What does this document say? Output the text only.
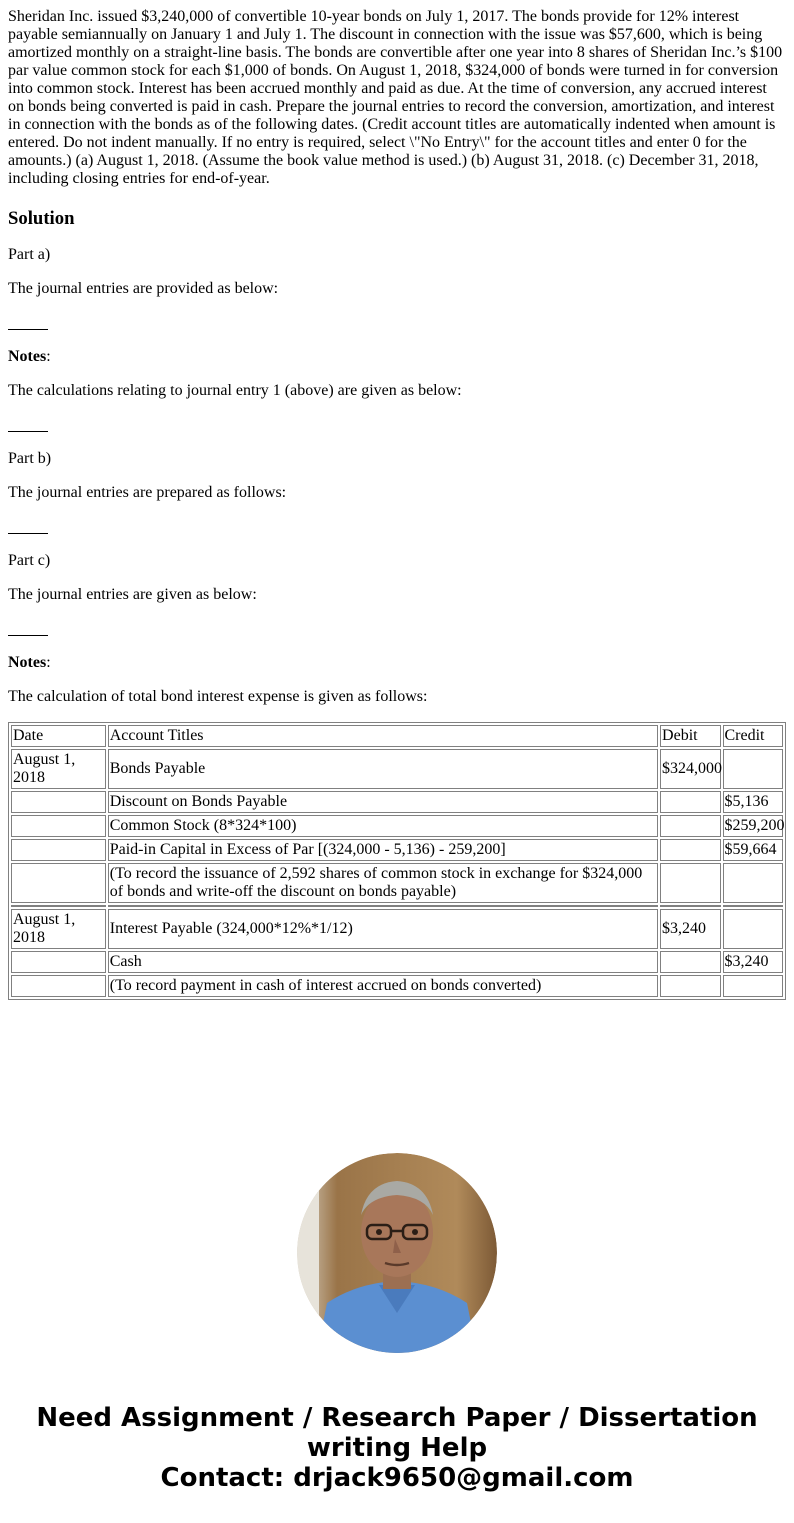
Sheridan Inc. issued $3,240,000 of convertible 10-year bonds on July 1, 2017. The bonds provide for 12% interest payable semiannually on January 1 and July 1. The discount in connection with the issue was $57,600, which is being amortized monthly on a straight-line basis. The bonds are convertible after one year into 8 shares of Sheridan Inc.’s $100 par value common stock for each $1,000 of bonds. On August 1, 2018, $324,000 of bonds were turned in for conversion into common stock. Interest has been accrued monthly and paid as due. At the time of conversion, any accrued interest on bonds being converted is paid in cash. Prepare the journal entries to record the conversion, amortization, and interest in connection with the bonds as of the following dates. (Credit account titles are automatically indented when amount is entered. Do not indent manually. If no entry is required, select \"No Entry\" for the account titles and enter 0 for the amounts.) (a) August 1, 2018. (Assume the book value method is used.) (b) August 31, 2018. (c) December 31, 2018, including closing entries for end-of-year.

Solution

Part a)

The journal entries are provided as below:

Notes:

The calculations relating to journal entry 1 (above) are given as below:

Part b)

The journal entries are prepared as follows:

Part c)

The journal entries are given as below:

Notes:

The calculation of total bond interest expense is given as follows:

Date	Account Titles	Debit	Credit
August 1, 2018	Bonds Payable	$324,000	
	Discount on Bonds Payable		$5,136
	Common Stock (8*324*100)		$259,200
	Paid-in Capital in Excess of Par [(324,000 - 5,136) - 259,200]		$59,664
	(To record the issuance of 2,592 shares of common stock in exchange for $324,000 of bonds and write-off the discount on bonds payable)		

August 1, 2018	Interest Payable (324,000*12%*1/12)	$3,240	
	Cash		$3,240
	(To record payment in cash of interest accrued on bonds converted)		
Need Assignment / Research Paper / Dissertation
writing Help
Contact: drjack9650@gmail.com
